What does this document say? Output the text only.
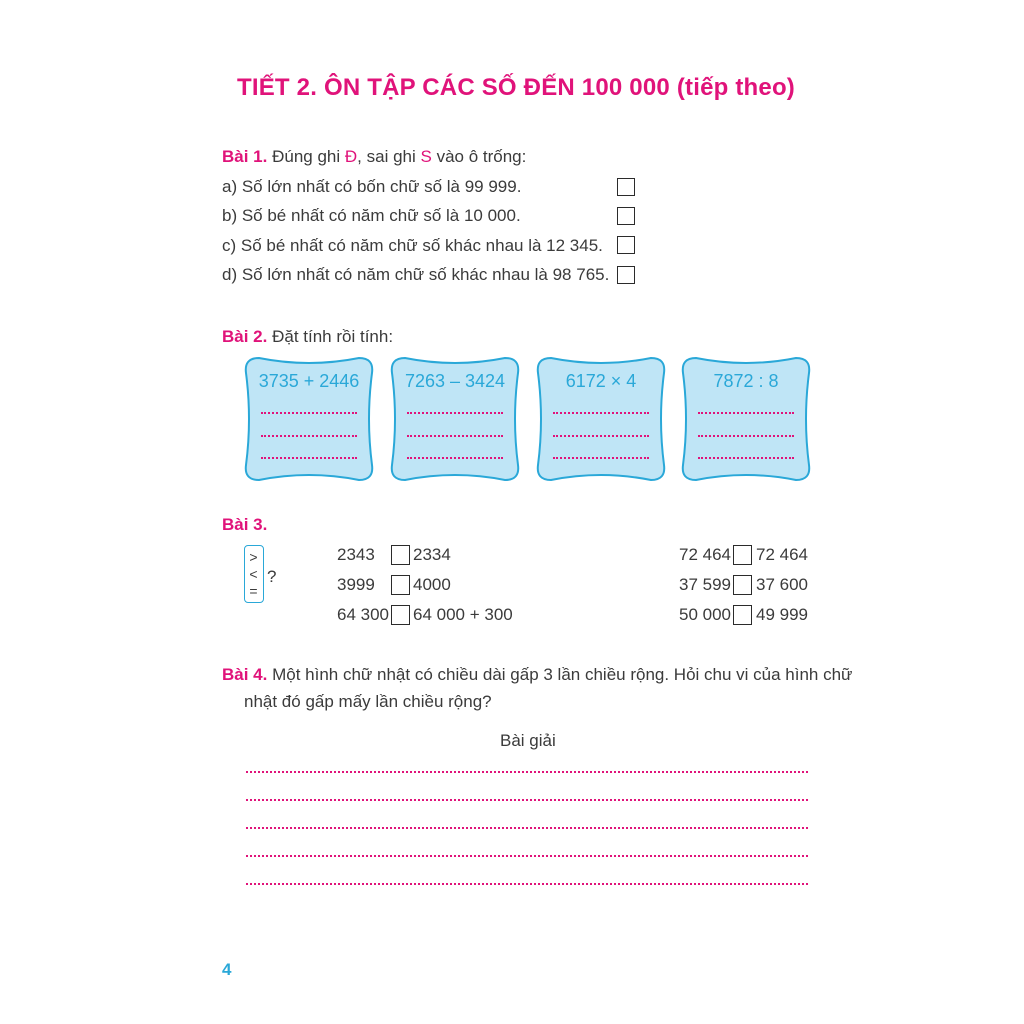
TIẾT 2. ÔN TẬP CÁC SỐ ĐẾN 100 000 (tiếp theo)
Bài 1. Đúng ghi Đ, sai ghi S vào ô trống:
a) Số lớn nhất có bốn chữ số là 99 999.
b) Số bé nhất có năm chữ số là 10 000.
c) Số bé nhất có năm chữ số khác nhau là 12 345.
d) Số lớn nhất có năm chữ số khác nhau là 98 765.
Bài 2. Đặt tính rồi tính:
3735 + 2446	7263 – 3424	6172 × 4	7872 : 8
Bài 3.
>
<
=
?
2343 2334
3999 4000
64 300 64 000 + 300
72 464 72 464
37 599 37 600
50 000 49 999
Bài 4. Một hình chữ nhật có chiều dài gấp 3 lần chiều rộng. Hỏi chu vi của hình chữ
nhật đó gấp mấy lần chiều rộng?
Bài giải
4
